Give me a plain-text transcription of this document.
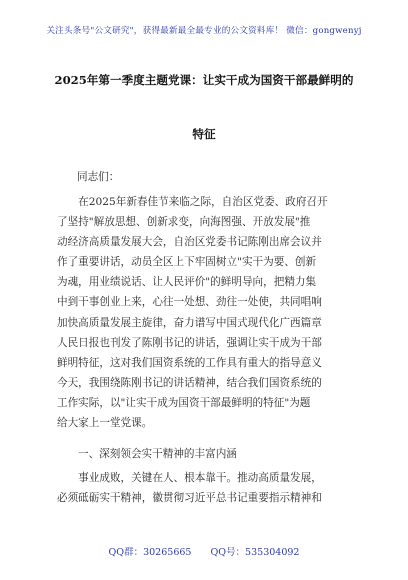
关注头条号"公文研究"，获得最新最全最专业的公文资料库！ 微信：gongwenyj
2025年第一季度主题党课：让实干成为国资干部最鲜明的
特征
同志们：
　　在2025年新春佳节来临之际，自治区党委、政府召开
了坚持"解放思想、创新求变，向海图强、开放发展"推
动经济高质量发展大会，自治区党委书记陈刚出席会议并
作了重要讲话，动员全区上下牢固树立"实干为要、创新
为魂，用业绩说话、让人民评价"的鲜明导向，把精力集
中到干事创业上来，心往一处想、劲往一处使，共同唱响
加快高质量发展主旋律，奋力谱写中国式现代化广西篇章
人民日报也刊发了陈刚书记的讲话，强调让实干成为干部
鲜明特征，这对我们国资系统的工作具有重大的指导意义
今天，我围绕陈刚书记的讲话精神，结合我们国资系统的
工作实际，以"让实干成为国资干部最鲜明的特征"为题
给大家上一堂党课。
一、深刻领会实干精神的丰富内涵
　　事业成败，关键在人、根本靠干。推动高质量发展，
必须砥砺实干精神，徽贯彻习近平总书记重要指示精神和
QQ群：30265665 QQ号：535304092
